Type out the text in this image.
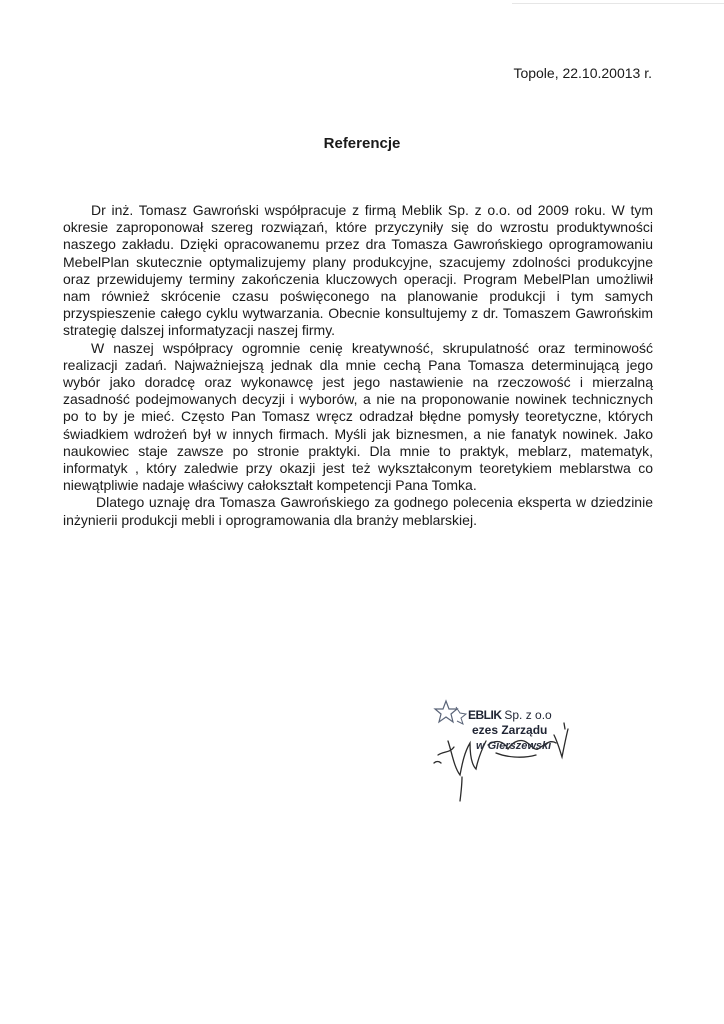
Topole, 22.10.20013 r.
Referencje

Dr inż. Tomasz Gawroński współpracuje z firmą Meblik Sp. z o.o. od 2009 roku. W tym okresie zaproponował szereg rozwiązań, które przyczyniły się do wzrostu produktywności naszego zakładu. Dzięki opracowanemu przez dra Tomasza Gawrońskiego oprogramowaniu MebelPlan skutecznie optymalizujemy plany produkcyjne, szacujemy zdolności produkcyjne oraz przewidujemy terminy zakończenia kluczowych operacji. Program MebelPlan umożliwił nam również skrócenie czasu poświęconego na planowanie produkcji i tym samych przyspieszenie całego cyklu wytwarzania. Obecnie konsultujemy z dr. Tomaszem Gawrońskim strategię dalszej informatyzacji naszej firmy.

W naszej współpracy ogromnie cenię kreatywność, skrupulatność oraz terminowość realizacji zadań. Najważniejszą jednak dla mnie cechą Pana Tomasza determinującą jego wybór jako doradcę oraz wykonawcę jest jego nastawienie na rzeczowość i mierzalną zasadność podejmowanych decyzji i wyborów, a nie na proponowanie nowinek technicznych po to by je mieć. Często Pan Tomasz wręcz odradzał błędne pomysły teoretyczne, których świadkiem wdrożeń był w innych firmach. Myśli jak biznesmen, a nie fanatyk nowinek. Jako naukowiec staje zawsze po stronie praktyki. Dla mnie to praktyk, meblarz, matematyk, informatyk , który zaledwie przy okazji jest też wykształconym teoretykiem meblarstwa co niewątpliwie nadaje właściwy całokształt kompetencji Pana Tomka.

Dlatego uznaję dra Tomasza Gawrońskiego za godnego polecenia eksperta w dziedzinie inżynierii produkcji mebli i oprogramowania dla branży meblarskiej.

EBLIK Sp. z o.o
ezes Zarządu
w Gierszewski
